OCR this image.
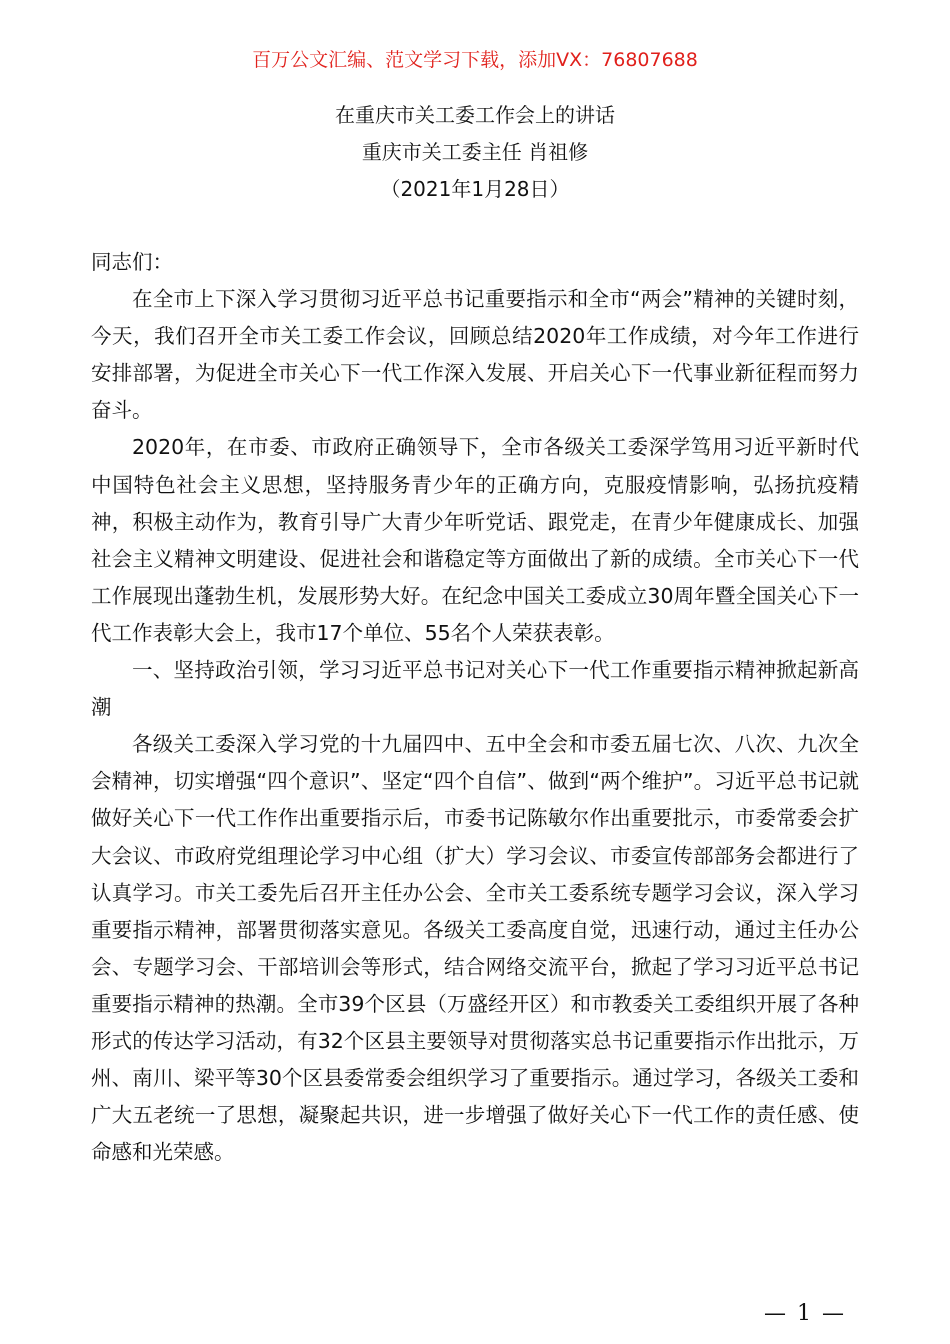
百万公文汇编、范文学习下载，添加VX：76807688
在重庆市关工委工作会上的讲话
重庆市关工委主任 肖祖修
（2021年1月28日）

同志们：

在全市上下深入学习贯彻习近平总书记重要指示和全市“两会”精神的关键时刻，今天，我们召开全市关工委工作会议，回顾总结2020年工作成绩，对今年工作进行安排部署，为促进全市关心下一代工作深入发展、开启关心下一代事业新征程而努力奋斗。

2020年，在市委、市政府正确领导下，全市各级关工委深学笃用习近平新时代中国特色社会主义思想，坚持服务青少年的正确方向，克服疫情影响，弘扬抗疫精神，积极主动作为，教育引导广大青少年听党话、跟党走，在青少年健康成长、加强社会主义精神文明建设、促进社会和谐稳定等方面做出了新的成绩。全市关心下一代工作展现出蓬勃生机，发展形势大好。在纪念中国关工委成立30周年暨全国关心下一代工作表彰大会上，我市17个单位、55名个人荣获表彰。

一、坚持政治引领，学习习近平总书记对关心下一代工作重要指示精神掀起新高潮

各级关工委深入学习党的十九届四中、五中全会和市委五届七次、八次、九次全会精神，切实增强“四个意识”、坚定“四个自信”、做到“两个维护”。习近平总书记就做好关心下一代工作作出重要指示后，市委书记陈敏尔作出重要批示，市委常委会扩大会议、市政府党组理论学习中心组（扩大）学习会议、市委宣传部部务会都进行了认真学习。市关工委先后召开主任办公会、全市关工委系统专题学习会议，深入学习重要指示精神，部署贯彻落实意见。各级关工委高度自觉，迅速行动，通过主任办公会、专题学习会、干部培训会等形式，结合网络交流平台，掀起了学习习近平总书记重要指示精神的热潮。全市39个区县（万盛经开区）和市教委关工委组织开展了各种形式的传达学习活动，有32个区县主要领导对贯彻落实总书记重要指示作出批示，万州、南川、梁平等30个区县委常委会组织学习了重要指示。通过学习，各级关工委和广大五老统一了思想，凝聚起共识，进一步增强了做好关心下一代工作的责任感、使命感和光荣感。

— 1 —
